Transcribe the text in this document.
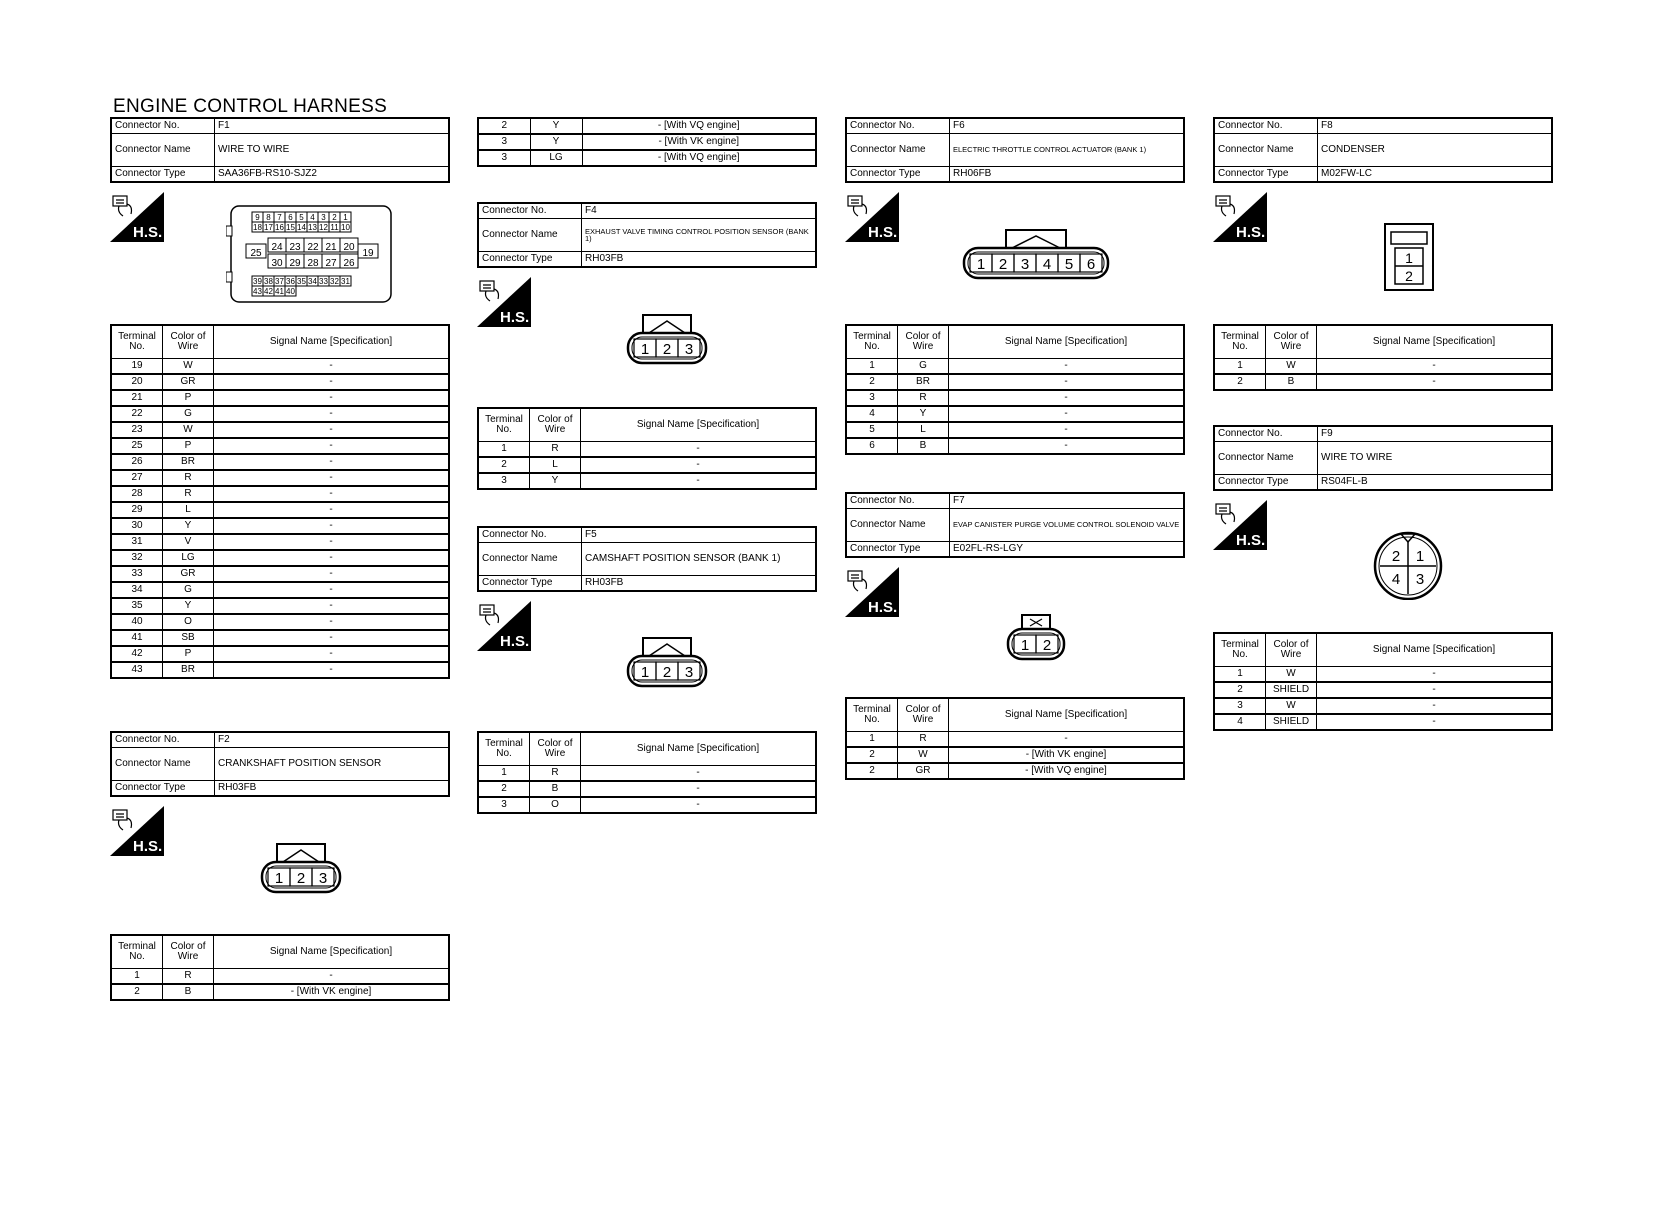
ENGINE CONTROL HARNESS
Connector No.	F1
Connector Name	WIRE TO WIRE
Connector Type	SAA36FB-RS10-SJZ2
H.S.
9 8 7 6 5 4 3 2 1
18 17 16 15 14 13 12 11 10
25
24 23 22 21 20
30 29 28 27 26
19
39 38 37 36 35 34 33 32 31
43 42 41 40
Terminal No.	Color of Wire	Signal Name [Specification]
19	W	-
20	GR	-
21	P	-
22	G	-
23	W	-
25	P	-
26	BR	-
27	R	-
28	R	-
29	L	-
30	Y	-
31	V	-
32	LG	-
33	GR	-
34	G	-
35	Y	-
40	O	-
41	SB	-
42	P	-
43	BR	-
Connector No.	F2
Connector Name	CRANKSHAFT POSITION SENSOR
Connector Type	RH03FB
H.S.
1 2 3
Terminal No.	Color of Wire	Signal Name [Specification]
1	R	-
2	B	- [With VK engine]
2	Y	- [With VQ engine]
3	Y	- [With VK engine]
3	LG	- [With VQ engine]
Connector No.	F4
Connector Name	EXHAUST VALVE TIMING CONTROL POSITION SENSOR (BANK 1)
Connector Type	RH03FB
H.S.
1 2 3
Terminal No.	Color of Wire	Signal Name [Specification]
1	R	-
2	L	-
3	Y	-
Connector No.	F5
Connector Name	CAMSHAFT POSITION SENSOR (BANK 1)
Connector Type	RH03FB
H.S.
1 2 3
Terminal No.	Color of Wire	Signal Name [Specification]
1	R	-
2	B	-
3	O	-
Connector No.	F6
Connector Name	ELECTRIC THROTTLE CONTROL ACTUATOR (BANK 1)
Connector Type	RH06FB
H.S.
1 2 3 4 5 6
Terminal No.	Color of Wire	Signal Name [Specification]
1	G	-
2	BR	-
3	R	-
4	Y	-
5	L	-
6	B	-
Connector No.	F7
Connector Name	EVAP CANISTER PURGE VOLUME CONTROL SOLENOID VALVE
Connector Type	E02FL-RS-LGY
H.S.
1 2
Terminal No.	Color of Wire	Signal Name [Specification]
1	R	-
2	W	- [With VK engine]
2	GR	- [With VQ engine]
Connector No.	F8
Connector Name	CONDENSER
Connector Type	M02FW-LC
H.S.
1
2
Terminal No.	Color of Wire	Signal Name [Specification]
1	W	-
2	B	-
Connector No.	F9
Connector Name	WIRE TO WIRE
Connector Type	RS04FL-B
H.S.
2 1
4 3
Terminal No.	Color of Wire	Signal Name [Specification]
1	W	-
2	SHIELD	-
3	W	-
4	SHIELD	-
